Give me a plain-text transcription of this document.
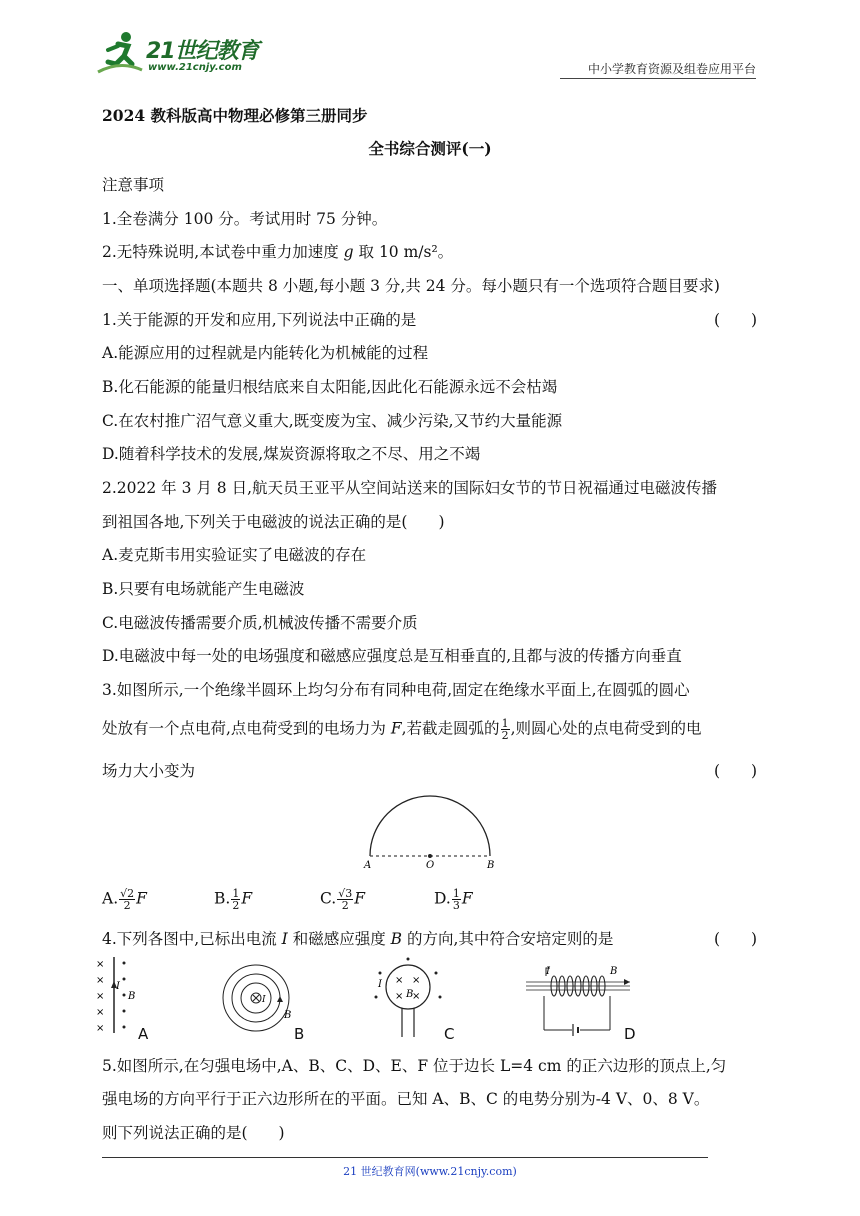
21世纪教育
www.21cnjy.com	中小学教育资源及组卷应用平台
2024 教科版高中物理必修第三册同步
全书综合测评(一)
注意事项
1.全卷满分 100 分。考试用时 75 分钟。
2.无特殊说明,本试卷中重力加速度 g 取 10 m/s²。
一、单项选择题(本题共 8 小题,每小题 3 分,共 24 分。每小题只有一个选项符合题目要求)
1.关于能源的开发和应用,下列说法中正确的是	(　　)
A.能源应用的过程就是内能转化为机械能的过程
B.化石能源的能量归根结底来自太阳能,因此化石能源永远不会枯竭
C.在农村推广沼气意义重大,既变废为宝、减少污染,又节约大量能源
D.随着科学技术的发展,煤炭资源将取之不尽、用之不竭
2.2022 年 3 月 8 日,航天员王亚平从空间站送来的国际妇女节的节日祝福通过电磁波传播
到祖国各地,下列关于电磁波的说法正确的是(　　)
A.麦克斯韦用实验证实了电磁波的存在
B.只要有电场就能产生电磁波
C.电磁波传播需要介质,机械波传播不需要介质
D.电磁波中每一处的电场强度和磁感应强度总是互相垂直的,且都与波的传播方向垂直
3.如图所示,一个绝缘半圆环上均匀分布有同种电荷,固定在绝缘水平面上,在圆弧的圆心
处放有一个点电荷,点电荷受到的电场力为 F,若截走圆弧的 $\frac{1}{2}$ ,则圆心处的点电荷受到的电
场力大小变为	(　　)
A	O	B
A. $\frac{√2}{2}$ F	B. $\frac{1}{2}$ F	C. $\frac{√3}{2}$ F	D. $\frac{1}{3}$ F
4.下列各图中,已标出电流 I 和磁感应强度 B 的方向,其中符合安培定则的是	(　　)
×
×
×
×
×
I
B
A
I
B
B
× ×
× ×
I
B
C
I	B
D
5.如图所示,在匀强电场中,A、B、C、D、E、F 位于边长 L=4 cm 的正六边形的顶点上,匀
强电场的方向平行于正六边形所在的平面。已知 A、B、C 的电势分别为-4 V、0、8 V。
则下列说法正确的是(　　)
21 世纪教育网(www.21cnjy.com)
